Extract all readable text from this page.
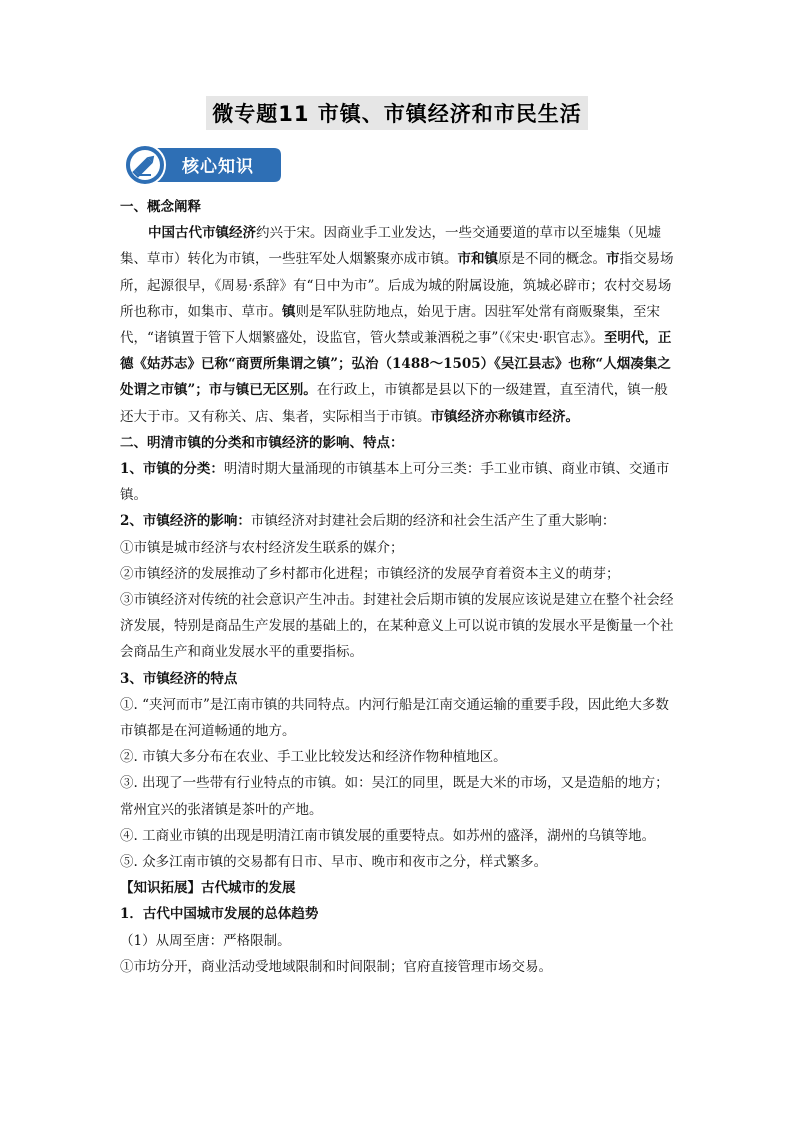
微专题11 市镇、市镇经济和市民生活
核心知识

一、概念阐释

中国古代市镇经济约兴于宋。因商业手工业发达，一些交通要道的草市以至墟集（见墟集、草市）转化为市镇，一些驻军处人烟繁聚亦成市镇。市和镇原是不同的概念。市指交易场所，起源很早，《周易·系辞》有“日中为市”。后成为城的附属设施，筑城必辟市；农村交易场所也称市，如集市、草市。镇则是军队驻防地点，始见于唐。因驻军处常有商贩聚集，至宋代，“诸镇置于管下人烟繁盛处，设监官，管火禁或兼酒税之事”（《宋史·职官志》。至明代，正德《姑苏志》已称“商贾所集谓之镇”；弘治（1488～1505）《吴江县志》也称“人烟凑集之处谓之市镇”；市与镇已无区别。在行政上，市镇都是县以下的一级建置，直至清代，镇一般还大于市。又有称关、店、集者，实际相当于市镇。市镇经济亦称镇市经济。

二、明清市镇的分类和市镇经济的影响、特点：

1、市镇的分类：明清时期大量涌现的市镇基本上可分三类：手工业市镇、商业市镇、交通市镇。

2、市镇经济的影响：市镇经济对封建社会后期的经济和社会生活产生了重大影响：

①市镇是城市经济与农村经济发生联系的媒介；

②市镇经济的发展推动了乡村都市化进程；市镇经济的发展孕育着资本主义的萌芽；

③市镇经济对传统的社会意识产生冲击。封建社会后期市镇的发展应该说是建立在整个社会经济发展，特别是商品生产发展的基础上的，在某种意义上可以说市镇的发展水平是衡量一个社会商品生产和商业发展水平的重要指标。

3、市镇经济的特点

①. “夹河而市”是江南市镇的共同特点。内河行船是江南交通运输的重要手段，因此绝大多数市镇都是在河道畅通的地方。

②. 市镇大多分布在农业、手工业比较发达和经济作物种植地区。

③. 出现了一些带有行业特点的市镇。如：吴江的同里，既是大米的市场，又是造船的地方；常州宜兴的张渚镇是茶叶的产地。

④. 工商业市镇的出现是明清江南市镇发展的重要特点。如苏州的盛泽，湖州的乌镇等地。

⑤. 众多江南市镇的交易都有日市、早市、晚市和夜市之分，样式繁多。

【知识拓展】古代城市的发展

1．古代中国城市发展的总体趋势

（1）从周至唐：严格限制。

①市坊分开，商业活动受地域限制和时间限制；官府直接管理市场交易。
